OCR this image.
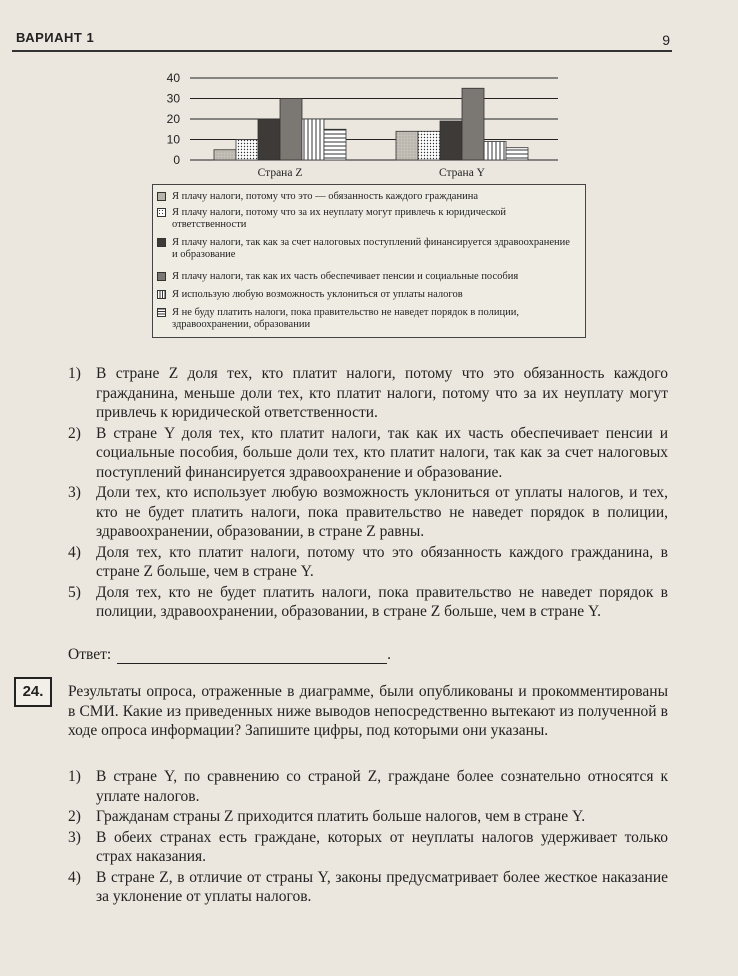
ВАРИАНТ 1	9
0
10
20
30
40
Страна Z	Страна Y
Я плачу налоги, потому что это — обязанность каждого гражданина
Я плачу налоги, потому что за их неуплату могут привлечь к юридической ответственности
Я плачу налоги, так как за счет налоговых поступлений финансируется здравоохранение и образование
Я плачу налоги, так как их часть обеспечивает пенсии и социальные пособия
Я использую любую возможность уклониться от уплаты налогов
Я не буду платить налоги, пока правительство не наведет порядок в полиции, здравоохранении, образовании
1) В стране Z доля тех, кто платит налоги, потому что это обязанность каждого гражданина, меньше доли тех, кто платит налоги, потому что за их неуплату могут привлечь к юридической ответственности.
2) В стране Y доля тех, кто платит налоги, так как их часть обеспечивает пенсии и социальные пособия, больше доли тех, кто платит налоги, так как за счет налоговых поступлений финансируется здравоохранение и образование.
3) Доли тех, кто использует любую возможность уклониться от уплаты налогов, и тех, кто не будет платить налоги, пока правительство не наведет порядок в полиции, здравоохранении, образовании, в стране Z равны.
4) Доля тех, кто платит налоги, потому что это обязанность каждого гражданина, в стране Z больше, чем в стране Y.
5) Доля тех, кто не будет платить налоги, пока правительство не наведет порядок в полиции, здравоохранении, образовании, в стране Z больше, чем в стране Y.
Ответ:	.
24.	Результаты опроса, отраженные в диаграмме, были опубликованы и прокомментированы в СМИ. Какие из приведенных ниже выводов непосредственно вытекают из полученной в ходе опроса информации? Запишите цифры, под которыми они указаны.
1) В стране Y, по сравнению со страной Z, граждане более сознательно относятся к уплате налогов.
2) Гражданам страны Z приходится платить больше налогов, чем в стране Y.
3) В обеих странах есть граждане, которых от неуплаты налогов удерживает только страх наказания.
4) В стране Z, в отличие от страны Y, законы предусматривает более жесткое наказание за уклонение от уплаты налогов.
